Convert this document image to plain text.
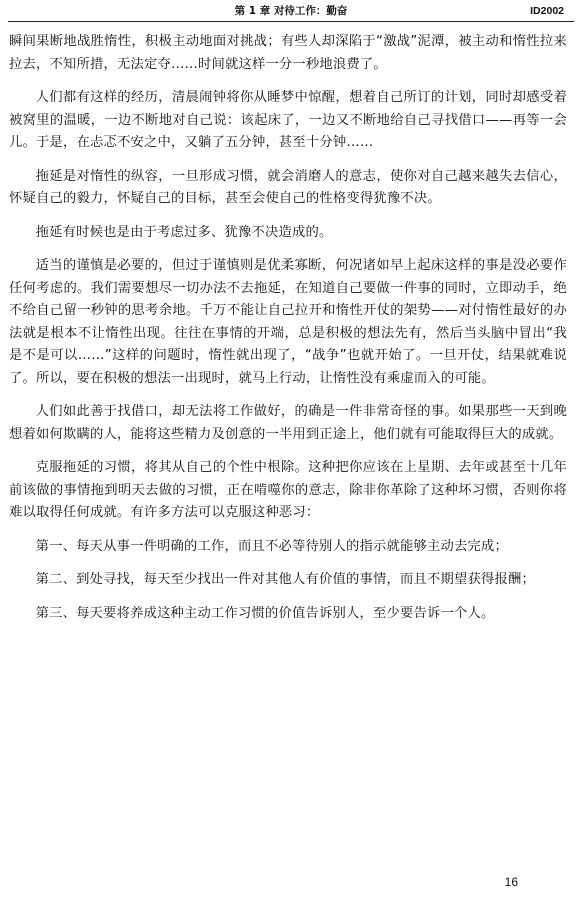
第 1 章 对待工作：勤奋	ID2002

瞬间果断地战胜惰性，积极主动地面对挑战；有些人却深陷于“激战”泥潭，被主动和惰性拉来拉去，不知所措，无法定夺……时间就这样一分一秒地浪费了。

人们都有这样的经历，清晨闹钟将你从睡梦中惊醒，想着自己所订的计划，同时却感受着被窝里的温暖，一边不断地对自己说：该起床了，一边又不断地给自己寻找借口——再等一会儿。于是，在忐忑不安之中，又躺了五分钟，甚至十分钟……

拖延是对惰性的纵容，一旦形成习惯，就会消磨人的意志，使你对自己越来越失去信心，怀疑自己的毅力，怀疑自己的目标，甚至会使自己的性格变得犹豫不决。

拖延有时候也是由于考虑过多、犹豫不决造成的。

适当的谨慎是必要的，但过于谨慎则是优柔寡断，何况诸如早上起床这样的事是没必要作任何考虑的。我们需要想尽一切办法不去拖延，在知道自己要做一件事的同时，立即动手，绝不给自己留一秒钟的思考余地。千万不能让自己拉开和惰性开仗的架势——对付惰性最好的办法就是根本不让惰性出现。往往在事情的开端，总是积极的想法先有，然后当头脑中冒出“我是不是可以……”这样的问题时，惰性就出现了，“战争”也就开始了。一旦开仗，结果就难说了。所以，要在积极的想法一出现时，就马上行动，让惰性没有乘虚而入的可能。

人们如此善于找借口，却无法将工作做好，的确是一件非常奇怪的事。如果那些一天到晚想着如何欺瞒的人，能将这些精力及创意的一半用到正途上，他们就有可能取得巨大的成就。

克服拖延的习惯，将其从自己的个性中根除。这种把你应该在上星期、去年或甚至十几年前该做的事情拖到明天去做的习惯，正在啃噬你的意志，除非你革除了这种坏习惯，否则你将难以取得任何成就。有许多方法可以克服这种恶习：

第一、每天从事一件明确的工作，而且不必等待别人的指示就能够主动去完成；

第二、到处寻找，每天至少找出一件对其他人有价值的事情，而且不期望获得报酬；

第三、每天要将养成这种主动工作习惯的价值告诉别人，至少要告诉一个人。

16
